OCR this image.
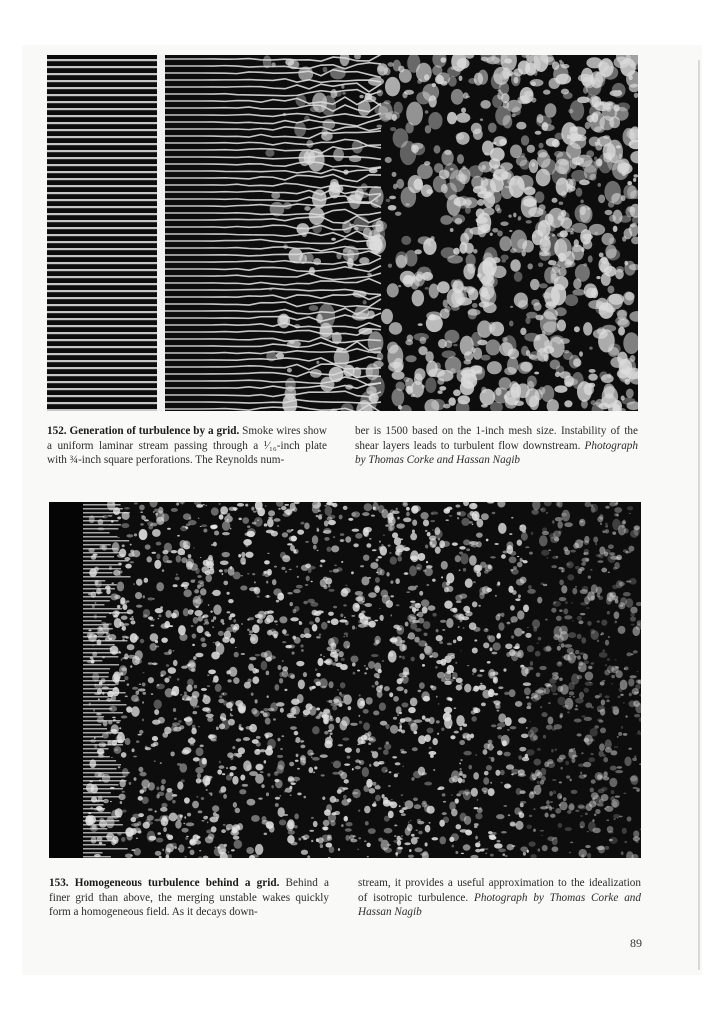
152. Generation of turbulence by a grid. Smoke wires show a uniform laminar stream passing through a ¹⁄₁₆-inch plate with ¾-inch square perforations. The Reynolds num-
ber is 1500 based on the 1-inch mesh size. Instability of the shear layers leads to turbulent flow downstream. Photograph by Thomas Corke and Hassan Nagib
153. Homogeneous turbulence behind a grid. Behind a finer grid than above, the merging unstable wakes quickly form a homogeneous field. As it decays down-
stream, it provides a useful approximation to the idealization of isotropic turbulence. Photograph by Thomas Corke and Hassan Nagib
89
